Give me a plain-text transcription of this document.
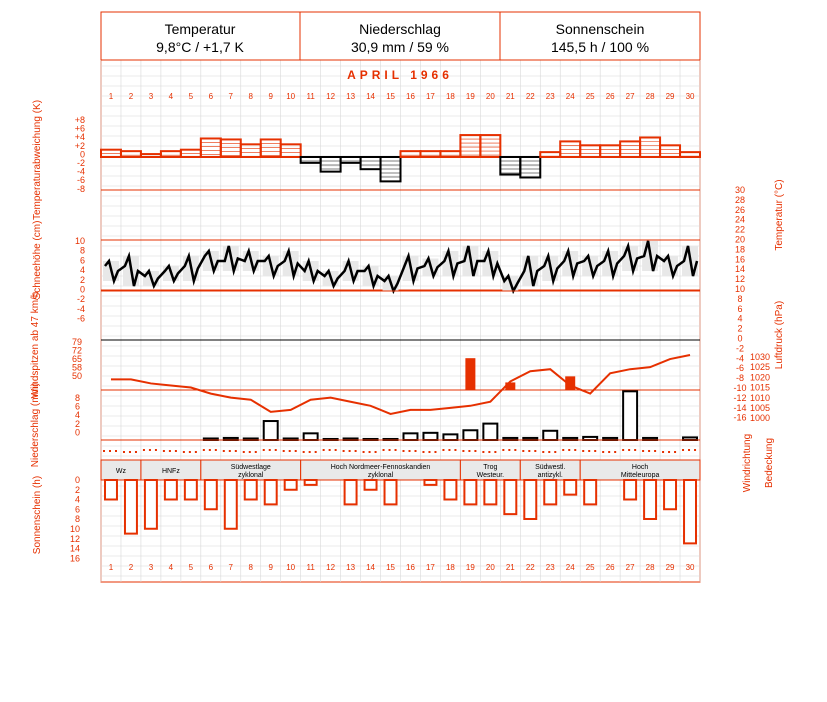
Temperatur
9,8°C / +1,7 K
Niederschlag
30,9 mm / 59 %
Sonnenschein
145,5 h / 100 %
APRIL 1966
1
1
2
2
3
3
4
4
5
5
6
6
7
7
8
8
9
9
10
10
11
11
12
12
13
13
14
14
15
15
16
16
17
17
18
18
19
19
20
20
21
21
22
22
23
23
24
24
25
25
26
26
27
27
28
28
29
29
30
30
Temperaturabweichung (K)
Schneehöhe (cm)
Windspitzen ab 47 km/h
Niederschlag (mm)
Sonnenschein (h)
Temperatur (°C)
Luftdruck (hPa)
Windrichtung Bedeckung
+8
+6
+4
+2
0
-2
-4
-6
-8	30
28
26
24
22
20
18
16
14
12
10
8
6
4
2
0
-2
-4
-6
-8
-10
-12
-14
-16
10
8
6
4
2
0
-2
-4
-6
79
72
65
58
50
1030
1025
1020
1015
1010
1005
1000
8
6
4
2
0
Wz	HNFz
Südwestlage
zyklonal
Hoch Nordmeer-Fennoskandien
zyklonal
Trog
Westeur.
Südwestl.
antizykl.
Hoch
Mitteleuropa
0
2
4
6
8
10
12
14
16
